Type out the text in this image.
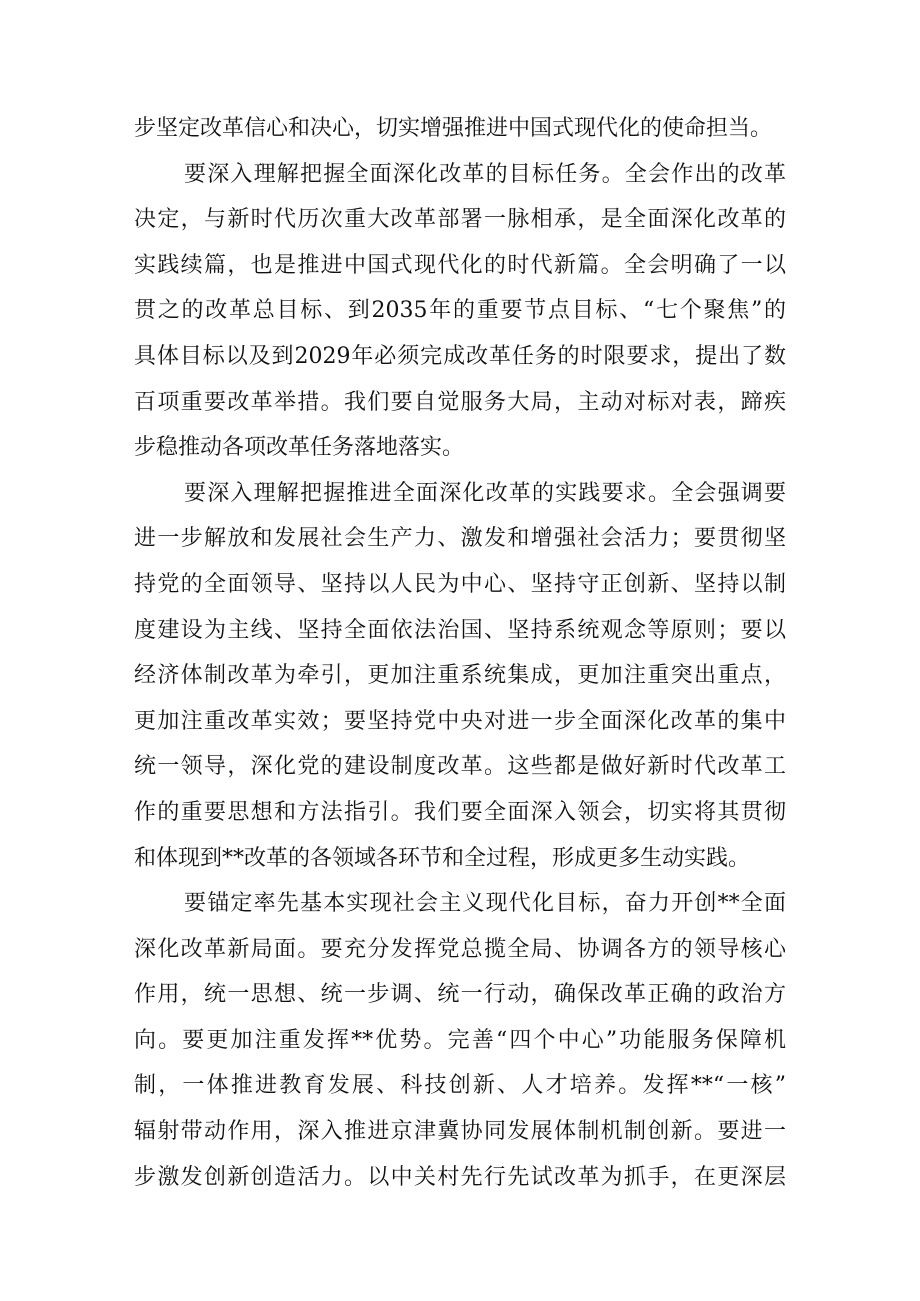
步坚定改革信心和决心，切实增强推进中国式现代化的使命担当。
要深入理解把握全面深化改革的目标任务。全会作出的改革
决定，与新时代历次重大改革部署一脉相承，是全面深化改革的
实践续篇，也是推进中国式现代化的时代新篇。全会明确了一以
贯之的改革总目标、到2035年的重要节点目标、“七个聚焦”的
具体目标以及到2029年必须完成改革任务的时限要求，提出了数
百项重要改革举措。我们要自觉服务大局，主动对标对表，蹄疾
步稳推动各项改革任务落地落实。
要深入理解把握推进全面深化改革的实践要求。全会强调要
进一步解放和发展社会生产力、激发和增强社会活力；要贯彻坚
持党的全面领导、坚持以人民为中心、坚持守正创新、坚持以制
度建设为主线、坚持全面依法治国、坚持系统观念等原则；要以
经济体制改革为牵引，更加注重系统集成，更加注重突出重点，
更加注重改革实效；要坚持党中央对进一步全面深化改革的集中
统一领导，深化党的建设制度改革。这些都是做好新时代改革工
作的重要思想和方法指引。我们要全面深入领会，切实将其贯彻
和体现到**改革的各领域各环节和全过程，形成更多生动实践。
要锚定率先基本实现社会主义现代化目标，奋力开创**全面
深化改革新局面。要充分发挥党总揽全局、协调各方的领导核心
作用，统一思想、统一步调、统一行动，确保改革正确的政治方
向。要更加注重发挥**优势。完善“四个中心”功能服务保障机
制，一体推进教育发展、科技创新、人才培养。发挥**“一核”
辐射带动作用，深入推进京津冀协同发展体制机制创新。要进一
步激发创新创造活力。以中关村先行先试改革为抓手，在更深层
